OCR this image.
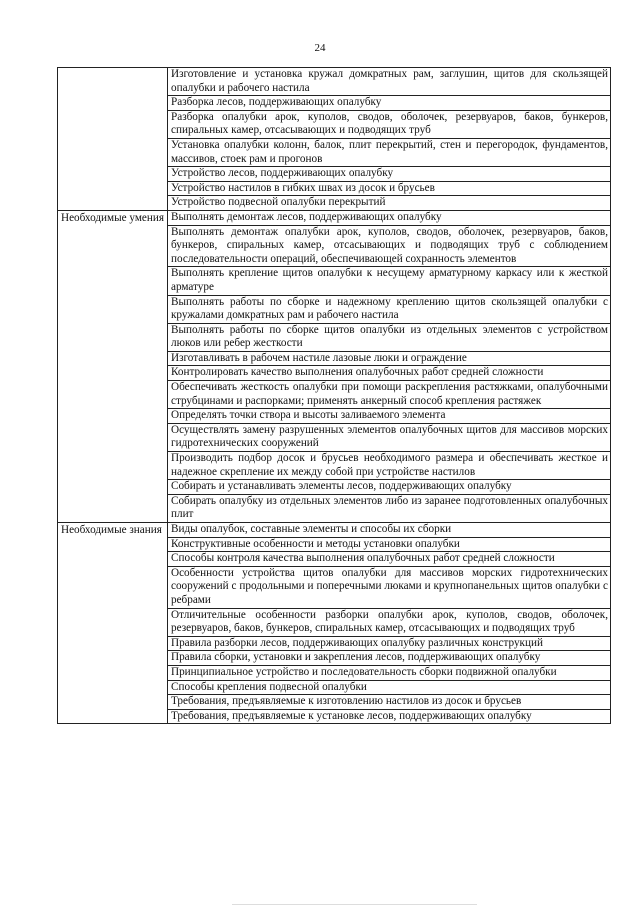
24
	Изготовление и установка кружал домкратных рам, заглушин, щитов для скользящей опалубки и рабочего настила
	Разборка лесов, поддерживающих опалубку
	Разборка опалубки арок, куполов, сводов, оболочек, резервуаров, баков, бункеров, спиральных камер, отсасывающих и подводящих труб
	Установка опалубки колонн, балок, плит перекрытий, стен и перегородок, фундаментов, массивов, стоек рам и прогонов
	Устройство лесов, поддерживающих опалубку
	Устройство настилов в гибких швах из досок и брусьев
	Устройство подвесной опалубки перекрытий
Необходимые умения	Выполнять демонтаж лесов, поддерживающих опалубку
	Выполнять демонтаж опалубки арок, куполов, сводов, оболочек, резервуаров, баков, бункеров, спиральных камер, отсасывающих и подводящих труб с соблюдением последовательности операций, обеспечивающей сохранность элементов
	Выполнять крепление щитов опалубки к несущему арматурному каркасу или к жесткой арматуре
	Выполнять работы по сборке и надежному креплению щитов скользящей опалубки с кружалами домкратных рам и рабочего настила
	Выполнять работы по сборке щитов опалубки из отдельных элементов с устройством люков или ребер жесткости
	Изготавливать в рабочем настиле лазовые люки и ограждение
	Контролировать качество выполнения опалубочных работ средней сложности
	Обеспечивать жесткость опалубки при помощи раскрепления растяжками, опалубочными струбцинами и распорками; применять анкерный способ крепления растяжек
	Определять точки створа и высоты заливаемого элемента
	Осуществлять замену разрушенных элементов опалубочных щитов для массивов морских гидротехнических сооружений
	Производить подбор досок и брусьев необходимого размера и обеспечивать жесткое и надежное скрепление их между собой при устройстве настилов
	Собирать и устанавливать элементы лесов, поддерживающих опалубку
	Собирать опалубку из отдельных элементов либо из заранее подготовленных опалубочных плит
Необходимые знания	Виды опалубок, составные элементы и способы их сборки
	Конструктивные особенности и методы установки опалубки
	Способы контроля качества выполнения опалубочных работ средней сложности
	Особенности устройства щитов опалубки для массивов морских гидротехнических сооружений с продольными и поперечными люками и крупнопанельных щитов опалубки с ребрами
	Отличительные особенности разборки опалубки арок, куполов, сводов, оболочек, резервуаров, баков, бункеров, спиральных камер, отсасывающих и подводящих труб
	Правила разборки лесов, поддерживающих опалубку различных конструкций
	Правила сборки, установки и закрепления лесов, поддерживающих опалубку
	Принципиальное устройство и последовательность сборки подвижной опалубки
	Способы крепления подвесной опалубки
	Требования, предъявляемые к изготовлению настилов из досок и брусьев
	Требования, предъявляемые к установке лесов, поддерживающих опалубку
